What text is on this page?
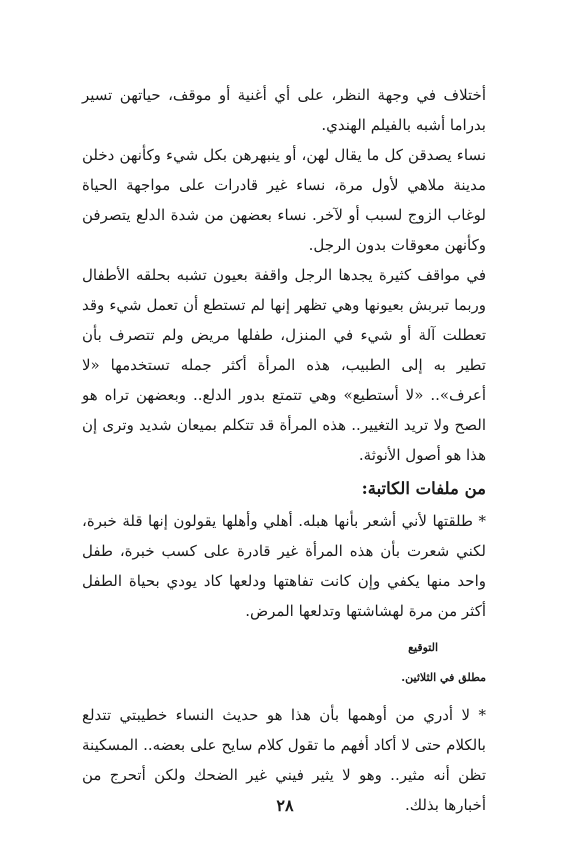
أختلاف في وجهة النظر، على أي أغنية أو موقف، حياتهن تسير بدراما أشبه بالفيلم الهندي.

نساء يصدقن كل ما يقال لهن، أو ينبهرهن بكل شيء وكأنهن دخلن مدينة ملاهي لأول مرة، نساء غير قادرات على مواجهة الحياة لوغاب الزوج لسبب أو لآخر. نساء بعضهن من شدة الدلع يتصرفن وكأنهن معوقات بدون الرجل.

في مواقف كثيرة يجدها الرجل واقفة بعيون تشبه بحلقه الأطفال وربما تبربش بعيونها وهي تظهر إنها لم تستطع أن تعمل شيء وقد تعطلت آلة أو شيء في المنزل، طفلها مريض ولم تتصرف بأن تطير به إلى الطبيب، هذه المرأة أكثر جمله تستخدمها «لا أعرف».. «لا أستطيع» وهي تتمتع بدور الدلع.. وبعضهن تراه هو الصح ولا تريد التغيير.. هذه المرأة قد تتكلم بميعان شديد وترى إن هذا هو أصول الأنوثة.

من ملفات الكاتبة:

* طلقتها لأني أشعر بأنها هبله. أهلي وأهلها يقولون إنها قلة خبرة، لكني شعرت بأن هذه المرأة غير قادرة على كسب خبرة، طفل واحد منها يكفي وإن كانت تفاهتها ودلعها كاد يودي بحياة الطفل أكثر من مرة لهشاشتها وتدلعها المرض.

التوقيع

مطلق في الثلاثين.

* لا أدري من أوهمها بأن هذا هو حديث النساء خطيبتي تتدلع بالكلام حتى لا أكاد أفهم ما تقول كلام سايح على بعضه.. المسكينة تظن أنه مثير.. وهو لا يثير فيني غير الضحك ولكن أتحرج من أخبارها بذلك.

٢٨
